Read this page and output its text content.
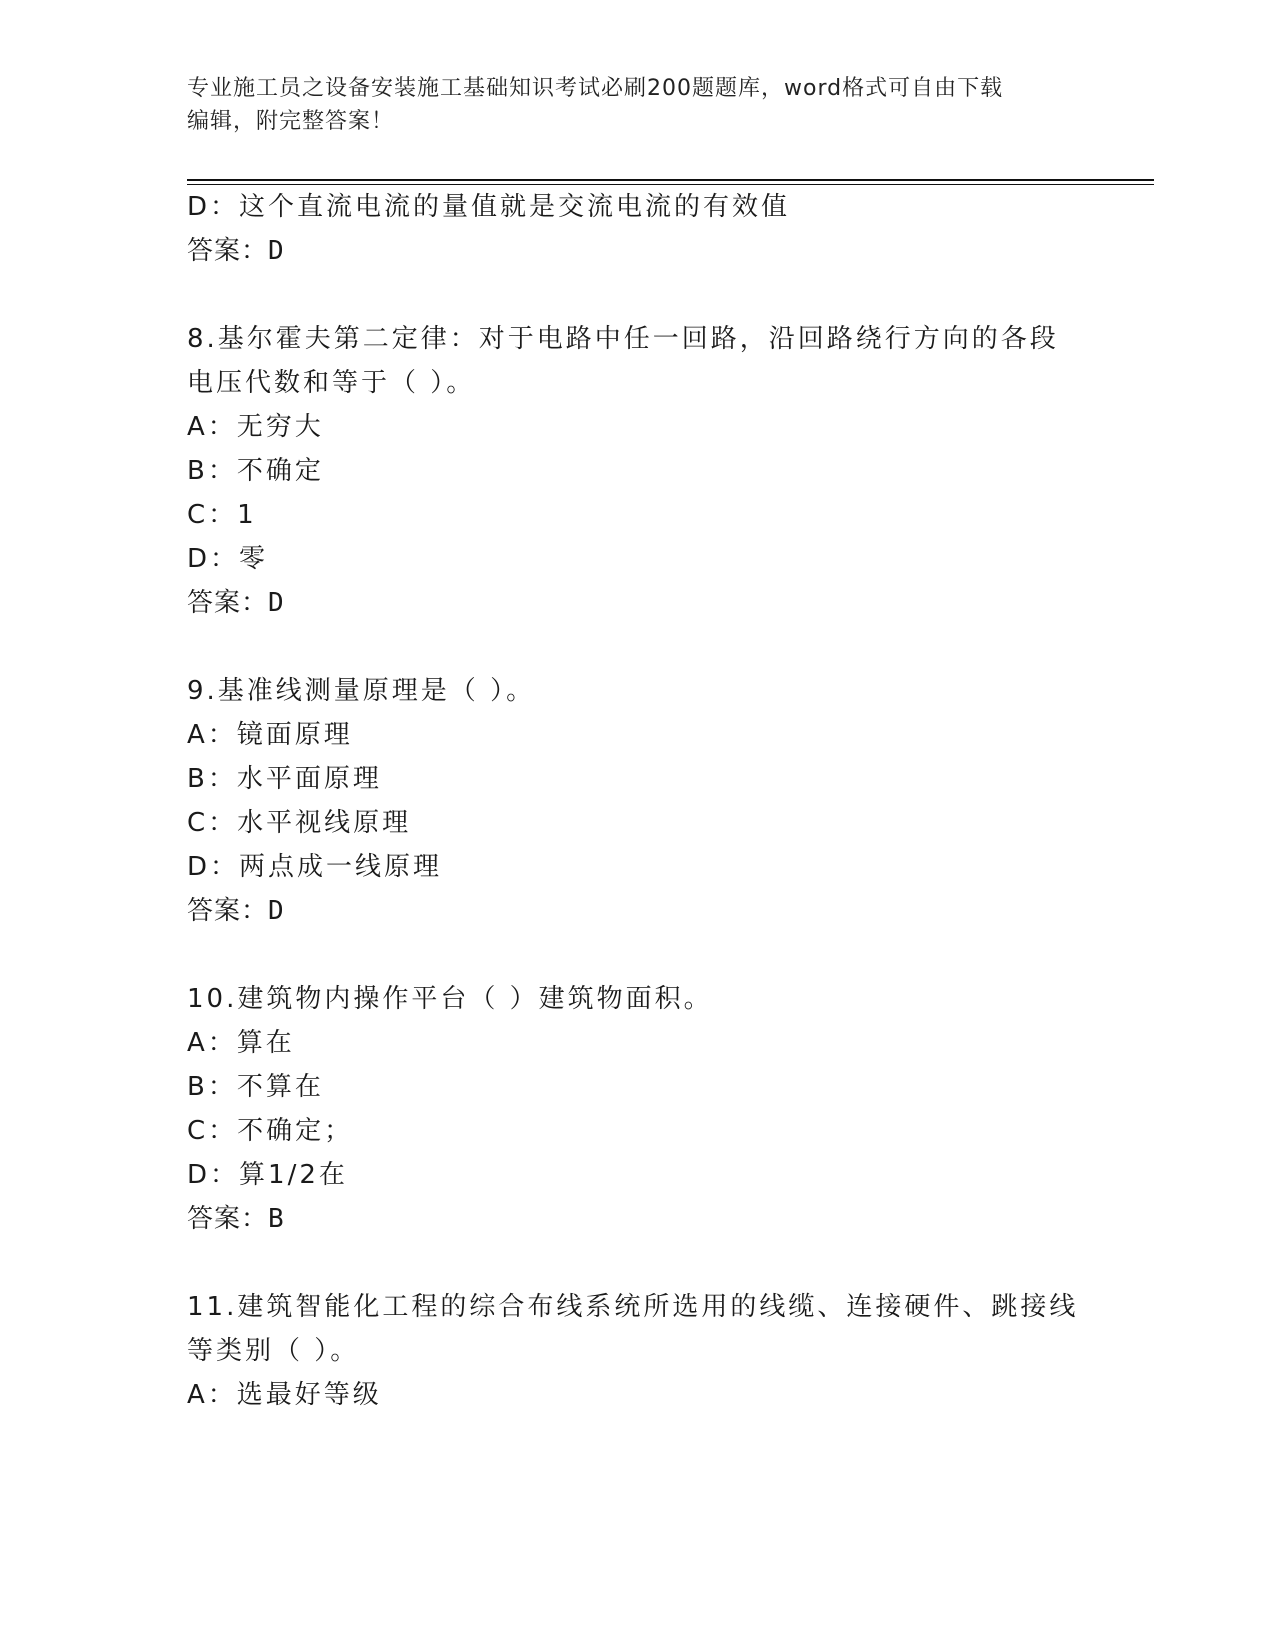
专业施工员之设备安装施工基础知识考试必刷200题题库，word格式可自由下载
编辑，附完整答案！
D：这个直流电流的量值就是交流电流的有效值
答案：D
8.基尔霍夫第二定律：对于电路中任一回路，沿回路绕行方向的各段
电压代数和等于（ ）。
A：无穷大
B：不确定
C：1
D：零
答案：D
9.基准线测量原理是（ ）。
A：镜面原理
B：水平面原理
C：水平视线原理
D：两点成一线原理
答案：D
10.建筑物内操作平台（ ）建筑物面积。
A：算在
B：不算在
C：不确定；
D：算1/2在
答案：B
11.建筑智能化工程的综合布线系统所选用的线缆、连接硬件、跳接线
等类别（ ）。
A：选最好等级
